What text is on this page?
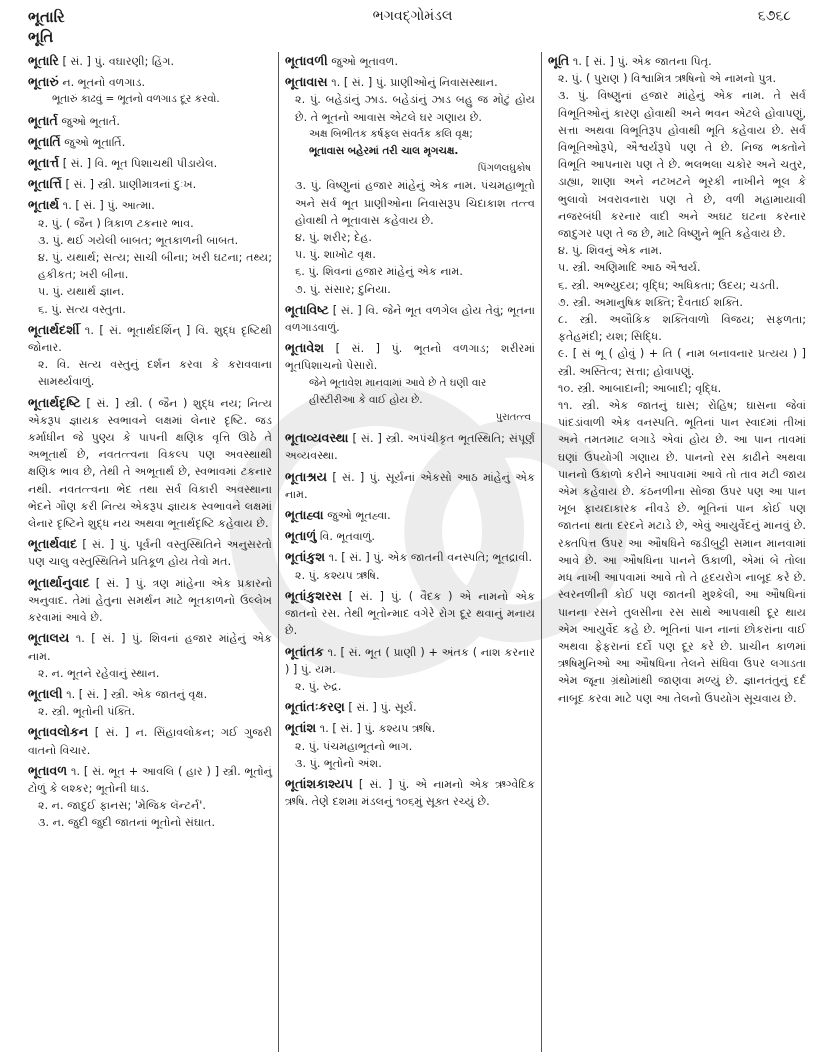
ભૂતારિ
ભૂતિ
ભગવદ્ગોમંડલ	૬૭૬૮
ભૂતારિ [ સં. ] પું. વઘારણી; હિંગ.
ભૂતારું ન. ભૂતનો વળગાડ.
ભૂતારું કાઢવું = ભૂતનો વળગાડ દૂર કરવો.
ભૂતાર્ત જુઓ ભૂતાર્ત.
ભૂતાર્તિ જુઓ ભૂતાર્તિ.
ભૂતાર્ત્ત [ સં. ] વિ. ભૂત પિશાચથી પીડાયેલ.
ભૂતાર્ત્તિ [ સં. ] સ્ત્રી. પ્રાણીમાત્રનાં દુઃખ.
ભૂતાર્થ ૧. [ સં. ] પું. આત્મા.
૨. પું. ( જૈન ) ત્રિકાળ ટકનાર ભાવ.
૩. પું. થઈ ગયેલી બાબત; ભૂતકાળની બાબત.
૪. પું. યથાર્થ; સત્ય; સાચી બીના; ખરી ઘટના; તથ્ય; હકીકત; ખરી બીના.
૫. પું. યથાર્થ જ્ઞાન.
૬. પું. સત્ય વસ્તુતા.
ભૂતાર્થદર્શી ૧. [ સં. ભૂતાર્થદર્શિન્ ] વિ. શુદ્ધ દૃષ્ટિથી જોનાર.
૨. વિ. સત્ય વસ્તુનું દર્શન કરવા કે કરાવવાના સામર્થ્યવાળું.
ભૂતાર્થદૃષ્ટિ [ સં. ] સ્ત્રી. ( જૈન ) શુદ્ધ નય; નિત્ય એકરૂપ જ્ઞાયક સ્વભાવને લક્ષમાં લેનાર દૃષ્ટિ. જડ કર્માધીન જે પુણ્ય કે પાપની ક્ષણિક વૃત્તિ ઊઠે તે અભૂતાર્થ છે, નવતત્ત્વના વિકલ્પ પણ અવસ્થાથી ક્ષણિક ભાવ છે, તેથી તે અભૂતાર્થ છે, સ્વભાવમાં ટકનાર નથી. નવતત્ત્વના ભેદ તથા સર્વ વિકારી અવસ્થાના ભેદને ગૌણ કરી નિત્ય એકરૂપ જ્ઞાયક સ્વભાવને લક્ષમાં લેનાર દૃષ્ટિને શુદ્ધ નય અથવા ભૂતાર્થદૃષ્ટિ કહેવાય છે.
ભૂતાર્થવાદ [ સં. ] પું. પૂર્વની વસ્તુસ્થિતિને અનુસરતો પણ ચાલુ વસ્તુસ્થિતિને પ્રતિકૂળ હોય તેવો મત.
ભૂતાર્થાનુવાદ [ સં. ] પું. ત્રણ માંહેના એક પ્રકારનો અનુવાદ. તેમાં હેતુના સમર્થન માટે ભૂતકાળનો ઉલ્લેખ કરવામાં આવે છે.
ભૂતાલય ૧. [ સં. ] પું. શિવનાં હજાર માંહેનું એક નામ.
૨. ન. ભૂતને રહેવાનું સ્થાન.
ભૂતાલી ૧. [ સં. ] સ્ત્રી. એક જાતનું વૃક્ષ.
૨. સ્ત્રી. ભૂતોની પંક્તિ.
ભૂતાવલોકન [ સં. ] ન. સિંહાવલોકન; ગઈ ગુજરી વાતનો વિચાર.
ભૂતાવળ ૧. [ સં. ભૂત + આવલિ ( હાર ) ] સ્ત્રી. ભૂતોનું ટોળું કે લશ્કર; ભૂતોની ધાડ.
૨. ન. જાદુઈ ફાનસ; 'મેજિક લૅન્ટર્ન'.
૩. ન. જુદી જુદી જાતનાં ભૂતોનો સંઘાત.
ભૂતાવળી જુઓ ભૂતાવળ.
ભૂતાવાસ ૧. [ સં. ] પું. પ્રાણીઓનું નિવાસસ્થાન.
૨. પું. બહેડાંનું ઝાડ. બહેડાંનું ઝાડ બહુ જ મોટું હોય છે. તે ભૂતનો આવાસ એટલે ઘર ગણાય છે.
અક્ષ બિભીતક કર્ષફલ સંવર્તક કલિ વૃક્ષ;
ભૂતાવાસ બહેરમાં તરી ચાલ મૃગચક્ષ.
પિંગળલઘુકોષ
૩. પું. વિષ્ણુનાં હજાર માંહેનું એક નામ. પંચમહાભૂતો અને સર્વ ભૂત પ્રાણીઓના નિવાસરૂપ ચિદાકાશ તત્ત્વ હોવાથી તે ભૂતાવાસ કહેવાય છે.
૪. પું. શરીર; દેહ.
૫. પું. શાખોટ વૃક્ષ.
૬. પું. શિવનાં હજાર માંહેનું એક નામ.
૭. પું. સંસાર; દુનિયા.
ભૂતાવિષ્ટ [ સં. ] વિ. જેને ભૂત વળગેલ હોય તેવું; ભૂતના વળગાડવાળું.
ભૂતાવેશ [ સં. ] પું. ભૂતનો વળગાડ; શરીરમાં ભૂતપિશાચનો પેસારો.
જેને ભૂતાવેશ માનવામાં આવે છે તે ઘણી વાર હીસ્ટીરીઆ કે વાઈ હોય છે.
પુરાતત્ત્વ
ભૂતાવ્યવસ્થા [ સં. ] સ્ત્રી. અપંચીકૃત ભૂતસ્થિતિ; સંપૂર્ણ અવ્યવસ્થા.
ભૂતાશ્રય [ સં. ] પું. સૂર્યનાં એકસો આઠ માંહેનું એક નામ.
ભૂતાહ્વા જુઓ ભૂતહ્વા.
ભૂતાળું વિ. ભૂતવાળું.
ભૂતાંકુશ ૧. [ સં. ] પું. એક જાતની વનસ્પતિ; ભૂતદ્રાવી.
૨. પું. કશ્યપ ઋષિ.
ભૂતાંકુશરસ [ સં. ] પું. ( વૈદક ) એ નામનો એક જાતનો રસ. તેથી ભૂતોન્માદ વગેરે રોગ દૂર થવાનું મનાય છે.
ભૂતાંતક ૧. [ સં. ભૂત ( પ્રાણી ) + અંતક ( નાશ કરનાર ) ] પું. યમ.
૨. પું. રુદ્ર.
ભૂતાંતઃકરણ [ સં. ] પું. સૂર્ય.
ભૂતાંશ ૧. [ સં. ] પું. કશ્યપ ઋષિ.
૨. પું. પંચમહાભૂતનો ભાગ.
૩. પું. ભૂતોનો અંશ.
ભૂતાંશકાશ્યપ [ સં. ] પું. એ નામનો એક ઋગ્વેદિક ઋષિ. તેણે દશમા મંડલનું ૧૦૬મું સૂક્ત રચ્યું છે.
ભૂતિ ૧. [ સં. ] પું. એક જાતના પિતૃ.
૨. પું. ( પુરાણ ) વિશ્વામિત્ર ઋષિનો એ નામનો પુત્ર.
૩. પું. વિષ્ણુનાં હજાર માંહેનું એક નામ. તે સર્વ વિભૂતિઓનું કારણ હોવાથી અને ભવન એટલે હોવાપણું, સત્તા અથવા વિભૂતિરૂપ હોવાથી ભૂતિ કહેવાય છે. સર્વ વિભૂતિઓરૂપે, ઐશ્વર્યરૂપે પણ તે છે. નિજ ભક્તોને વિભૂતિ આપનારા પણ તે છે. ભલભલા ચકોર અને ચતુર, ડાહ્યા, શાણા અને નટખટને ભૂરકી નાખીને ભૂલ કે ભુલાવો ખવરાવનારા પણ તે છે, વળી મહામાયાવી નજરબંધી કરનાર વાદી અને અઘટ ઘટના કરનાર જાદુગર પણ તે જ છે, માટે વિષ્ણુને ભૂતિ કહેવાય છે.
૪. પું. શિવનું એક નામ.
૫. સ્ત્રી. અણિમાદિ આઠ ઐશ્વર્ય.
૬. સ્ત્રી. અભ્યુદય; વૃદ્ધિ; અધિકતા; ઉદય; ચડતી.
૭. સ્ત્રી. અમાનુષિક શક્તિ; દૈવતાઈ શક્તિ.
૮. સ્ત્રી. અલૌકિક શક્તિવાળો વિજય; સફળતા; ફતેહમંદી; યશ; સિદ્ધિ.
૯. [ સં ભૂ ( હોવું ) + તિ ( નામ બનાવનાર પ્રત્યય ) ] સ્ત્રી. અસ્તિત્વ; સત્તા; હોવાપણું.
૧૦. સ્ત્રી. આબાદાની; આબાદી; વૃદ્ધિ.
૧૧. સ્ત્રી. એક જાતનું ઘાસ; રોહિષ; ઘાસના જેવાં પાંદડાંવાળી એક વનસ્પતિ. ભૂતિનાં પાન સ્વાદમાં તીખાં અને તમતમાટ લગાડે એવાં હોય છે. આ પાન તાવમાં ઘણાં ઉપયોગી ગણાય છે. પાનનો રસ કાઢીને અથવા પાનનો ઉકાળો કરીને આપવામાં આવે તો તાવ મટી જાય એમ કહેવાય છે. કંઠનળીના સોજા ઉપર પણ આ પાન ખૂબ ફાયદાકારક નીવડે છે. ભૂતિનાં પાન કોઈ પણ જાતના થતા દરદને મટાડે છે, એવું આયુર્વેદનું માનવું છે. રક્તપિત્ત ઉપર આ ઔષધિને જડીબુટ્ટી સમાન માનવામાં આવે છે. આ ઔષધિના પાનને ઉકાળી, એમાં બે તોલા મધ નાખી આપવામાં આવે તો તે હૃદયરોગ નાબૂદ કરે છે. સ્વરનળીની કોઈ પણ જાતની મુશ્કેલી, આ ઔષધિનાં પાનના રસને તુલસીના રસ સાથે આપવાથી દૂર થાય એમ આયુર્વેદ કહે છે. ભૂતિનાં પાન નાનાં છોકરાંના વાઈ અથવા ફેફરાનાં દર્દો પણ દૂર કરે છે. પ્રાચીન કાળમાં ઋષિમુનિઓ આ ઔષધિના તેલને સંધિવા ઉપર લગાડતા એમ જૂના ગ્રંથોમાંથી જાણવા મળ્યું છે. જ્ઞાનતંતુનું દર્દ નાબૂદ કરવા માટે પણ આ તેલનો ઉપયોગ સૂચવાય છે.
